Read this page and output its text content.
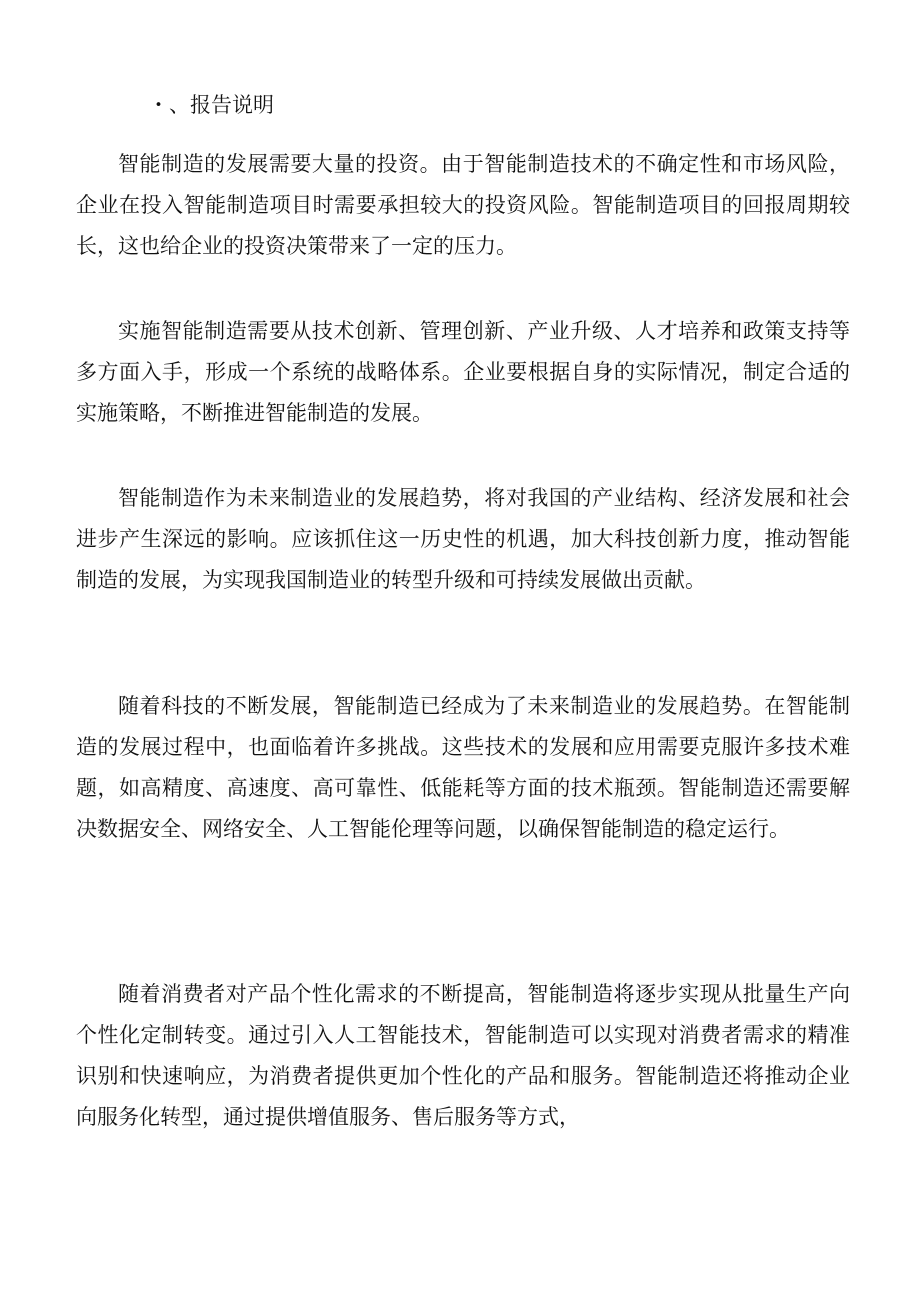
・、报告说明

智能制造的发展需要大量的投资。由于智能制造技术的不确定性和市场风险，企业在投入智能制造项目时需要承担较大的投资风险。智能制造项目的回报周期较长，这也给企业的投资决策带来了一定的压力。

实施智能制造需要从技术创新、管理创新、产业升级、人才培养和政策支持等多方面入手，形成一个系统的战略体系。企业要根据自身的实际情况，制定合适的实施策略，不断推进智能制造的发展。

智能制造作为未来制造业的发展趋势，将对我国的产业结构、经济发展和社会进步产生深远的影响。应该抓住这一历史性的机遇，加大科技创新力度，推动智能制造的发展，为实现我国制造业的转型升级和可持续发展做出贡献。

随着科技的不断发展，智能制造已经成为了未来制造业的发展趋势。在智能制造的发展过程中，也面临着许多挑战。这些技术的发展和应用需要克服许多技术难题，如高精度、高速度、高可靠性、低能耗等方面的技术瓶颈。智能制造还需要解决数据安全、网络安全、人工智能伦理等问题，以确保智能制造的稳定运行。

随着消费者对产品个性化需求的不断提高，智能制造将逐步实现从批量生产向个性化定制转变。通过引入人工智能技术，智能制造可以实现对消费者需求的精准识别和快速响应，为消费者提供更加个性化的产品和服务。智能制造还将推动企业向服务化转型，通过提供增值服务、售后服务等方式，
